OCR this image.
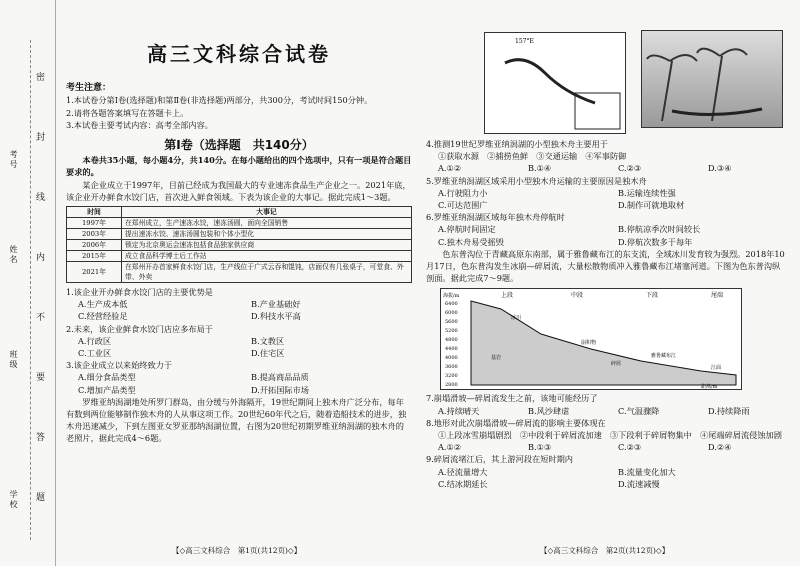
考号
姓名
班级
学校
密
封
线
内
不
要
答
题
高三文科综合试卷

考生注意：

1.本试卷分第Ⅰ卷(选择题)和第Ⅱ卷(非选择题)两部分，共300分，考试时间150分钟。

2.请将各题答案填写在答题卡上。

3.本试卷主要考试内容：高考全部内容。

第Ⅰ卷（选择题　共140分）

本卷共35小题，每小题4分，共140分。在每小题给出的四个选项中，只有一项是符合题目要求的。

某企业成立于1997年，目前已经成为我国最大的专业速冻食品生产企业之一。2021年底，该企业开办鲜食水饺门店，首次进入鲜食领域。下表为该企业的大事记。据此完成1～3题。

时间	大事记
1997年	在郑州成立，生产速冻水饺，速冻汤圆，面向全国销售
2003年	提出速冻水饺、速冻汤圆包装和个体小型化
2006年	锁定为北京奥运会速冻包括食品独家供应商
2015年	成立食品科学博士后工作站
2021年	在郑州开办首家鲜食水饺门店，生产线位于广式云吞和馄饨，店面仅有几张桌子，可堂食、外带、外卖

1.该企业开办鲜食水饺门店的主要优势是

A.生产成本低	B.产业基础好
C.经营经验足	D.科技水平高

2.未来，该企业鲜食水饺门店应多布局于

A.行政区	B.文教区
C.工业区	D.住宅区

3.该企业成立以来始终致力于

A.细分食品类型	B.提高商品品质
C.增加产品类型	D.开拓国际市场

罗维亚纳潟湖地处所罗门群岛，由分缓与外海隔开，19世纪期间上独木舟广泛分布，每年有数到两位能够制作独木舟的人从事这项工作。20世纪60年代之后，随着造船技术的进步，独木舟迅速减少，下到左图亚女罗亚那纳潟湖位置，右图为20世纪初期罗维亚纳潟湖的独木舟的老照片，据此完成4～6题。

【◇高三文科综合　第1页(共12页)◇】
157°E

4.推测19世纪罗维亚纳潟湖的小型独木舟主要用于

①获取水源　②捕捞鱼鲜　③交通运输　④军事防御

A.①②	B.①④	C.②③	D.③④

5.罗维亚纳潟湖区域采用小型独木舟运输的主要原因是独木舟

A.行驶阻力小	B.运输连续性强
C.可达范围广	D.制作可就地取材

6.罗维亚纳潟湖区域每年独木舟停航时

A.停航时间固定	B.停航凉季次时间较长
C.独木舟易受摇毁	D.停航次数多于每年

色东普沟位于青藏高原东南部，属于雅鲁藏布江的东支流，全域冰川发育较为强烈。2018年10月17日，色东普沟发生冰崩—碎屑流，大量松散物质冲入雅鲁藏布江堵塞河道。下图为色东普沟纵剖面。据此完成7～9题。

海拔/m
6400
6000
5600
5200
4800
4400
4000
3600
3200
2800
上段	中段	下段	尾端
冰川
基岩
崩积物
雅鲁藏布江
江面
碎屑
距离/m

7.崩塌滑坡—碎屑流发生之前，该地可能经历了

A.持续晴天	B.风沙肆虐	C.气温骤降	D.持续降雨

8.地形对此次崩塌滑坡—碎屑流的影响主要体现在

①上段冰雪崩塌剧烈　②中段利于碎屑流加速　③下段利于碎屑物集中　④尾端碎屑流侵蚀加剧

A.①②	B.①③	C.②③	D.②④

9.碎屑流堵江后，其上游河段在短时期内

A.径流量增大	B.流量变化加大
C.结冰期延长	D.流速减慢
【◇高三文科综合　第2页(共12页)◇】
